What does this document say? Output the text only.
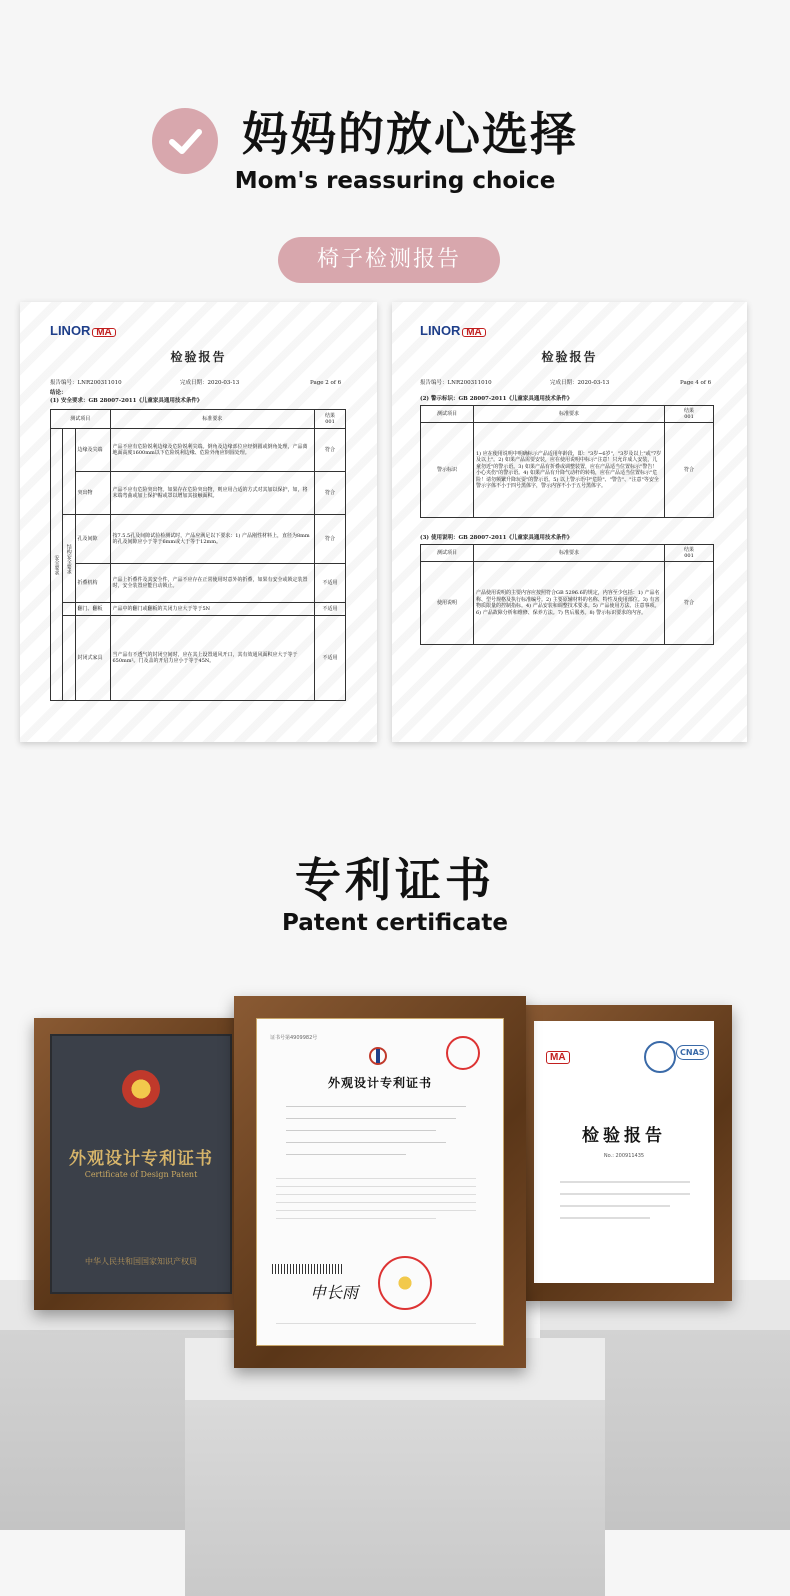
妈妈的放心选择
Mom's reassuring choice
椅子检测报告
LINOR MA
检验报告
报告编号：LNR200311010	完成日期：2020-03-13	Page 2 of 6
结论：
(1) 安全要求：GB 28007-2011《儿童家具通用技术条件》
测试项目			标准要求	结果
001
安全要求		边缘及尖端	产品不应有危险锐利边缘及危险锐利尖端。倒角及边缘部位应经倒圆或倒角处理，产品离地面高度1600mm以下危险锐利边缘、危险外角应倒圆处理。	符合
		突出物	产品不应有危险突出物。如果存在危险突出物，则应用合适的方式对其加以保护，如，将末端弯曲或加上保护帽或罩以增加其接触面积。	符合
	结构安全要求	孔及间隙	按7.5.5孔及间隙试验检测试时，产品应满足以下要求：1) 产品刚性材料上，直径为8mm的孔及间隙应小于等于6mm或大于等于12mm。	符合
		折叠机构	产品上折叠件及其安全件，产品不应存在正常使用时意外的折叠，如果有安全或锁定装置时，安全装置应能自动锁止。	不适用
		翻门、翻板	产品中的翻门或翻板的关闭力应大于等于5N	不适用
		封闭式家具	当产品有不透气的封闭空间时，应在其上设置通风开口，其有效通风面积应大于等于650mm²。门及盖的开启力应小于等于45N。	不适用
LINOR MA
检验报告
报告编号：LNR200311010	完成日期：2020-03-13	Page 4 of 6
(2) 警示标识：GB 28007-2011《儿童家具通用技术条件》
测试项目	标准要求	结果
001
警示标识	1) 应在使用说明中明确标示产品适用年龄段，即："3岁~6岁"，"3岁及以上"或"7岁及以上"。2) 如果产品需要安装，应在使用说明中标示"注意！只允许成人安装，儿童勿近"的警示语。3) 如果产品有折叠或调整装置，应在产品适当位置标示"警告！小心夹伤"的警示语。4) 如果产品有升降气动杆的转椅，应在产品适当位置标示"危险！请勿频繁升降玩耍"的警示语。5) 以上警示语中"危险"、"警告"、"注意"等安全警示字体不小于四号黑体字，警示内容不小于五号黑体字。	符合
(3) 使用说明：GB 28007-2011《儿童家具通用技术条件》
测试项目	标准要求	结果
001
使用说明	产品使用说明的主要内容应按照符合GB 5296.6的规定，内容至少包括：1) 产品名称、型号规格及执行标准编号。2) 主要原辅材料的名称、特性及使用部位。3) 有害物质限量的控制指标。4) 产品安装和调整技术要求。5) 产品使用方法、注意事项。6) 产品故障分析和维修、保养方法。7) 售后服务。8) 警示标识要求的内容。	符合
专利证书
Patent certificate
外观设计专利证书
Certificate of Design Patent
中华人民共和国国家知识产权局
MA	CNAS
检验报告
No.: 200911435
证书号第4909982号
外观设计专利证书
申长雨
